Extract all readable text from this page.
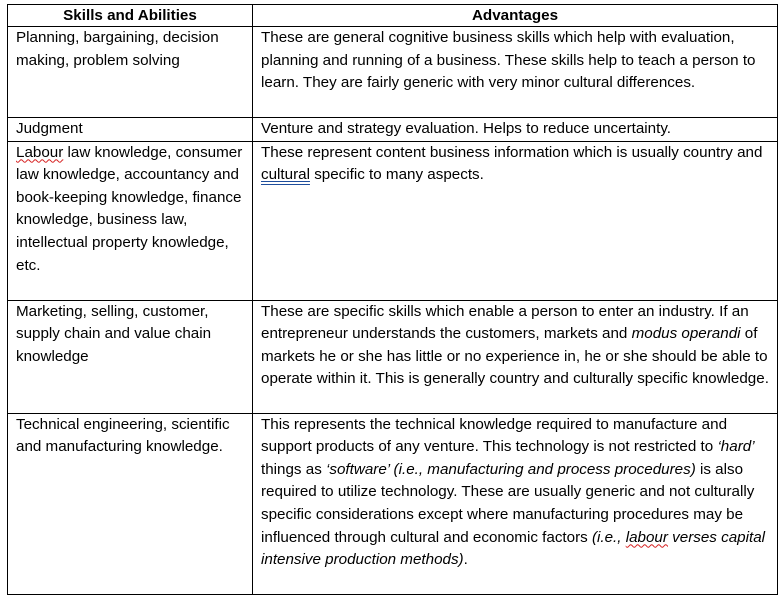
Skills and Abilities	Advantages
Planning, bargaining, decision making, problem solving	These are general cognitive business skills which help with evaluation, planning and running of a business. These skills help to teach a person to learn. They are fairly generic with very minor cultural differences.
Judgment	Venture and strategy evaluation. Helps to reduce uncertainty.
Labour law knowledge, consumer law knowledge, accountancy and book-keeping knowledge, finance knowledge, business law, intellectual property knowledge, etc.	These represent content business information which is usually country and cultural specific to many aspects.
Marketing, selling, customer, supply chain and value chain knowledge	These are specific skills which enable a person to enter an industry. If an entrepreneur understands the customers, markets and modus operandi of markets he or she has little or no experience in, he or she should be able to operate within it. This is generally country and culturally specific knowledge.
Technical engineering, scientific and manufacturing knowledge.	This represents the technical knowledge required to manufacture and support products of any venture. This technology is not restricted to ‘hard’ things as ‘software’ (i.e., manufacturing and process procedures) is also required to utilize technology. These are usually generic and not culturally specific considerations except where manufacturing procedures may be influenced through cultural and economic factors (i.e., labour verses capital intensive production methods).
